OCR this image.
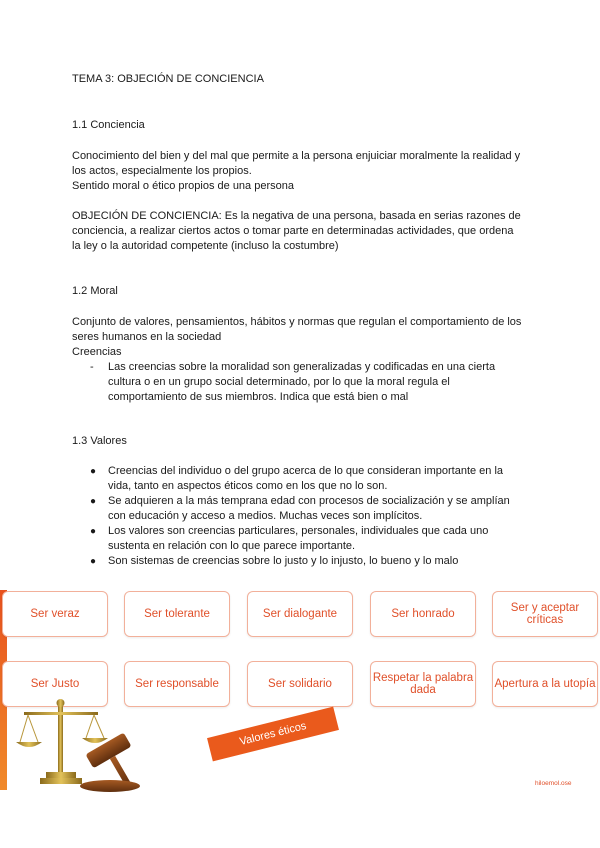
TEMA 3: OBJECIÓN DE CONCIENCIA
1.1 Conciencia
Conocimiento del bien y del mal que permite a la persona enjuiciar moralmente la realidad y
los actos, especialmente los propios.
Sentido moral o ético propios de una persona
OBJECIÓN DE CONCIENCIA: Es la negativa de una persona, basada en serias razones de
conciencia, a realizar ciertos actos o tomar parte en determinadas actividades, que ordena
la ley o la autoridad competente (incluso la costumbre)
1.2 Moral
Conjunto de valores, pensamientos, hábitos y normas que regulan el comportamiento de los
seres humanos en la sociedad
Creencias
- Las creencias sobre la moralidad son generalizadas y codificadas en una cierta
cultura o en un grupo social determinado, por lo que la moral regula el
comportamiento de sus miembros. Indica que está bien o mal
1.3 Valores
● Creencias del individuo o del grupo acerca de lo que consideran importante en la
vida, tanto en aspectos éticos como en los que no lo son.
● Se adquieren a la más temprana edad con procesos de socialización y se amplían
con educación y acceso a medios. Muchas veces son implícitos.
● Los valores son creencias particulares, personales, individuales que cada uno
sustenta en relación con lo que parece importante.
● Son sistemas de creencias sobre lo justo y lo injusto, lo bueno y lo malo
Ser veraz	Ser tolerante	Ser dialogante	Ser honrado	Ser y aceptar críticas
Ser Justo	Ser responsable	Ser solidario	Respetar la palabra dada	Apertura a la utopía
Valores éticos
hiloemol.ose
